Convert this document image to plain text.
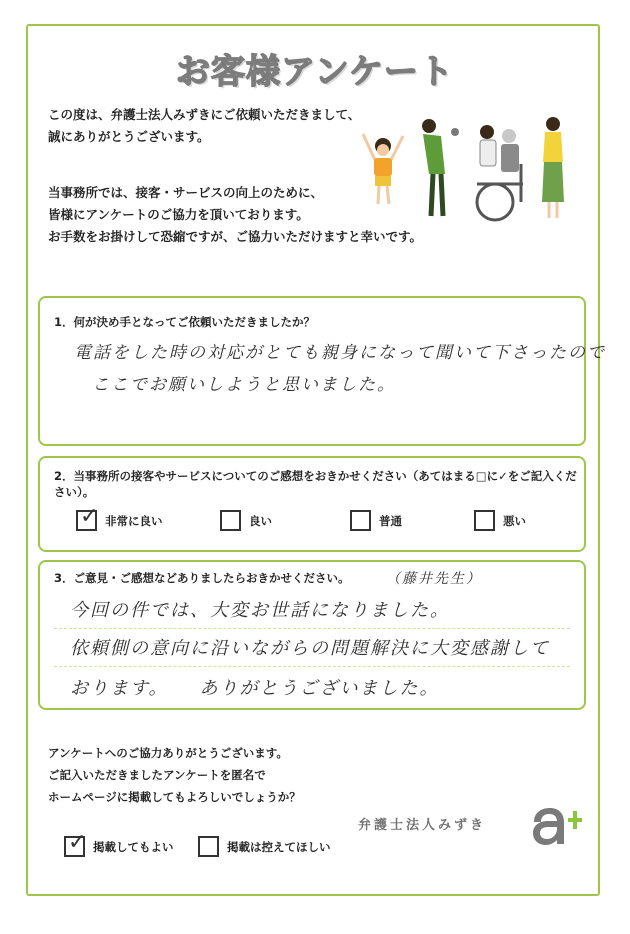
お客様アンケート
この度は、弁護士法人みずきにご依頼いただきまして、
誠にありがとうございます。
当事務所では、接客・サービスの向上のために、
皆様にアンケートのご協力を頂いております。
お手数をお掛けして恐縮ですが、ご協力いただけますと幸いです。
1．何が決め手となってご依頼いただきましたか？
電話をした時の対応がとても親身になって聞いて下さったので
ここでお願いしようと思いました。
2．当事務所の接客やサービスについてのご感想をおきかせください（あてはまる□に✓をご記入ください）。
✓ 非常に良い	良い	普通	悪い
3．ご意見・ご感想などありましたらおきかせください。	（藤井先生）
今回の件では、大変お世話になりました。
依頼側の意向に沿いながらの問題解決に大変感謝して
おります。　　ありがとうございました。
アンケートへのご協力ありがとうございます。
ご記入いただきましたアンケートを匿名で
ホームページに掲載してもよろしいでしょうか？
✓ 掲載してもよい	掲載は控えてほしい
弁護士法人みずき
